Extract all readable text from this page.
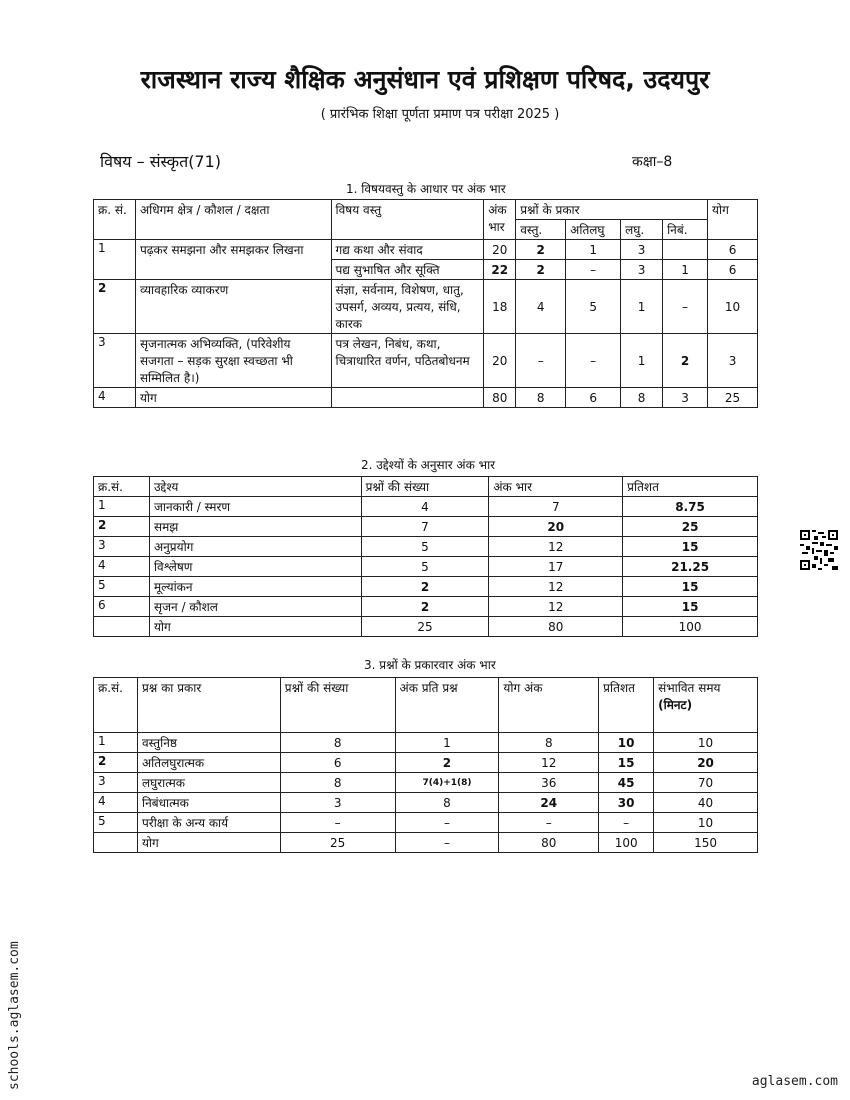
राजस्थान राज्य शैक्षिक अनुसंधान एवं प्रशिक्षण परिषद, उदयपुर
( प्रारंभिक शिक्षा पूर्णता प्रमाण पत्र परीक्षा 2025 )
विषय – संस्कृत(71)	कक्षा–8
1. विषयवस्तु के आधार पर अंक भार
क्र. सं.	अधिगम क्षेत्र / कौशल / दक्षता	विषय वस्तु	अंक भार	प्रश्नों के प्रकार				योग
				वस्तु.	अतिलघु	लघु.	निबं.	
1	पढ़कर समझना और समझकर लिखना	गद्य कथा और संवाद	20	2	1	3		6
		पद्य सुभाषित और सूक्ति	22	2	–	3	1	6
2	व्यावहारिक व्याकरण	संज्ञा, सर्वनाम, विशेषण, धातु, उपसर्ग, अव्यय, प्रत्यय, संधि, कारक	18	4	5	1	–	10
3	सृजनात्मक अभिव्यक्ति, (परिवेशीय सजगता – सड़क सुरक्षा स्वच्छता भी सम्मिलित है।)	पत्र लेखन, निबंध, कथा, चित्राधारित वर्णन, पठितबोधनम	20	–	–	1	2	3
4	योग		80	8	6	8	3	25
2. उद्देश्यों के अनुसार अंक भार
क्र.सं.	उद्देश्य	प्रश्नों की संख्या	अंक भार	प्रतिशत
1	जानकारी / स्मरण	4	7	8.75
2	समझ	7	20	25
3	अनुप्रयोग	5	12	15
4	विश्लेषण	5	17	21.25
5	मूल्यांकन	2	12	15
6	सृजन / कौशल	2	12	15
	योग	25	80	100
3. प्रश्नों के प्रकारवार अंक भार
क्र.सं.	प्रश्न का प्रकार	प्रश्नों की संख्या	अंक प्रति प्रश्न	योग अंक	प्रतिशत	संभावित समय
(मिनट)

1	वस्तुनिष्ठ	8	1	8	10	10
2	अतिलघुरात्मक	6	2	12	15	20
3	लघुरात्मक	8	7(4)+1(8)	36	45	70
4	निबंधात्मक	3	8	24	30	40
5	परीक्षा के अन्य कार्य	–	–	–	–	10
	योग	25	–	80	100	150
schools.aglasem.com	aglasem.com
